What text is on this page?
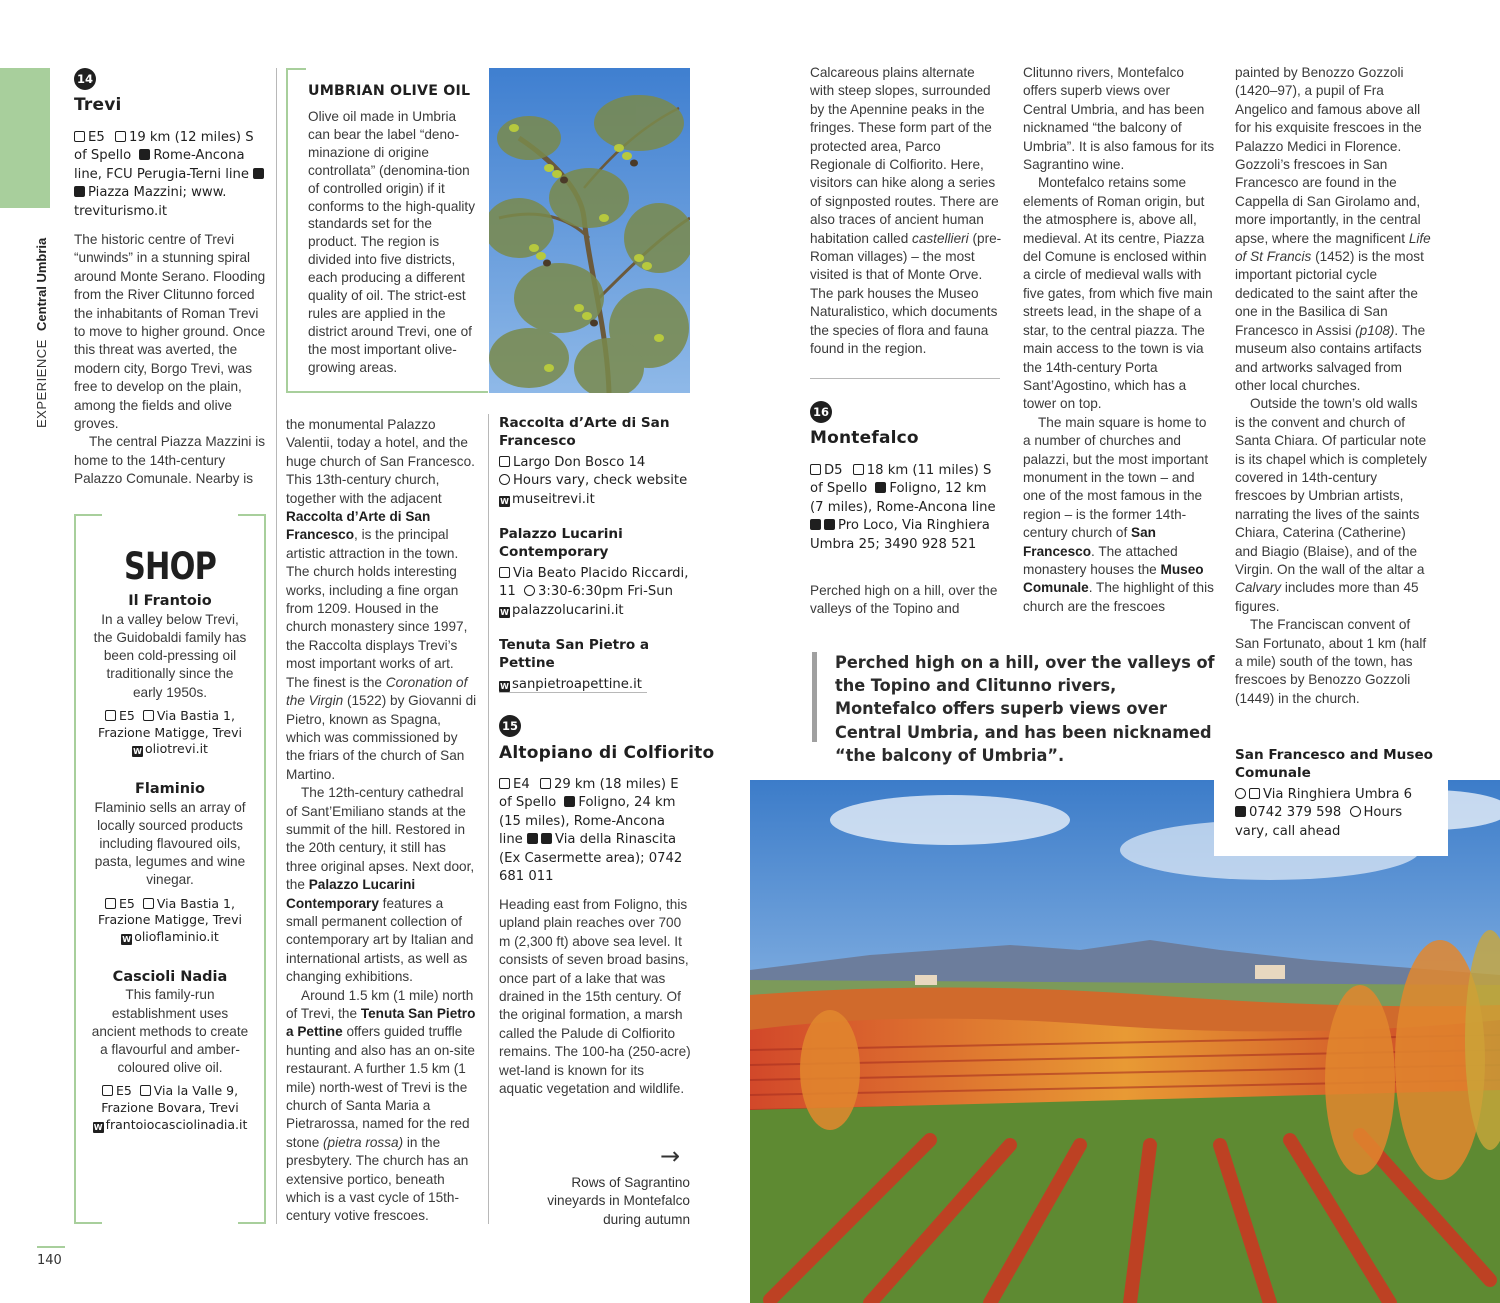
EXPERIENCE  Central Umbria
14
Trevi
E5 19 km (12 miles) S of Spello Rome-Ancona line, FCU Perugia-Terni line Piazza Mazzini; www. treviturismo.it

The historic centre of Trevi “unwinds” in a stunning spiral around Monte Serano. Flooding from the River Clitunno forced the inhabitants of Roman Trevi to move to higher ground. Once this threat was averted, the modern city, Borgo Trevi, was free to develop on the plain, among the fields and olive groves.

The central Piazza Mazzini is home to the 14th-century Palazzo Comunale. Nearby is

SHOP
Il Frantoio
In a valley below Trevi, the Guidobaldi family has been cold-pressing oil traditionally since the early 1950s.
E5 Via Bastia 1, Frazione Matigge, Trevi
W oliotrevi.it
Flaminio
Flaminio sells an array of locally sourced products including flavoured oils, pasta, legumes and wine vinegar.
E5 Via Bastia 1, Frazione Matigge, Trevi
W olioflaminio.it
Cascioli Nadia
This family-run establishment uses ancient methods to create a flavourful and amber-coloured olive oil.
E5 Via la Valle 9, Frazione Bovara, Trevi
W frantoiocasciolinadia.it
UMBRIAN OLIVE OIL
Olive oil made in Umbria can bear the label “deno-minazione di origine controllata” (denomina-tion of controlled origin) if it conforms to the high-quality standards set for the product. The region is divided into five districts, each producing a different quality of oil. The strict-est rules are applied in the district around Trevi, one of the most important olive-growing areas.

the monumental Palazzo Valentii, today a hotel, and the huge church of San Francesco. This 13th-century church, together with the adjacent Raccolta d’Arte di San Francesco, is the principal artistic attraction in the town. The church holds interesting works, including a fine organ from 1209. Housed in the church monastery since 1997, the Raccolta displays Trevi’s most important works of art. The finest is the Coronation of the Virgin (1522) by Giovanni di Pietro, known as Spagna, which was commissioned by the friars of the church of San Martino.

The 12th-century cathedral of Sant’Emiliano stands at the summit of the hill. Restored in the 20th century, it still has three original apses. Next door, the Palazzo Lucarini Contemporary features a small permanent collection of contemporary art by Italian and international artists, as well as changing exhibitions.

Around 1.5 km (1 mile) north of Trevi, the Tenuta San Pietro a Pettine offers guided truffle hunting and also has an on-site restaurant. A further 1.5 km (1 mile) north-west of Trevi is the church of Santa Maria a Pietrarossa, named for the red stone (pietra rossa) in the presbytery. The church has an extensive portico, beneath which is a vast cycle of 15th-century votive frescoes.

Raccolta d’Arte di San Francesco
Largo Don Bosco 14
Hours vary, check website
W museitrevi.it
Palazzo Lucarini Contemporary
Via Beato Placido Riccardi, 11 3:30-6:30pm Fri-Sun
W palazzolucarini.it
Tenuta San Pietro a Pettine
W sanpietroapettine.it
15
Altopiano di Colfiorito
E4 29 km (18 miles) E of Spello Foligno, 24 km (15 miles), Rome-Ancona line Via della Rinascita (Ex Casermette area); 0742 681 011

Heading east from Foligno, this upland plain reaches over 700 m (2,300 ft) above sea level. It consists of seven broad basins, once part of a lake that was drained in the 15th century. Of the original formation, a marsh called the Palude di Colfiorito remains. The 100-ha (250-acre) wet-land is known for its aquatic vegetation and wildlife.

→
Rows of Sagrantino vineyards in Montefalco during autumn
140

Calcareous plains alternate with steep slopes, surrounded by the Apennine peaks in the fringes. These form part of the protected area, Parco Regionale di Colfiorito. Here, visitors can hike along a series of signposted routes. There are also traces of ancient human habitation called castellieri (pre-Roman villages) – the most visited is that of Monte Orve. The park houses the Museo Naturalistico, which documents the species of flora and fauna found in the region.

16
Montefalco
D5 18 km (11 miles) S of Spello Foligno, 12 km (7 miles), Rome-Ancona line Pro Loco, Via Ringhiera Umbra 25; 3490 928 521

Perched high on a hill, over the valleys of the Topino and

Clitunno rivers, Montefalco offers superb views over Central Umbria, and has been nicknamed “the balcony of Umbria”. It is also famous for its Sagrantino wine.

Montefalco retains some elements of Roman origin, but the atmosphere is, above all, medieval. At its centre, Piazza del Comune is enclosed within a circle of medieval walls with five gates, from which five main streets lead, in the shape of a star, to the central piazza. The main access to the town is via the 14th-century Porta Sant’Agostino, which has a tower on top.

The main square is home to a number of churches and palazzi, but the most important monument in the town – and one of the most famous in the region – is the former 14th-century church of San Francesco. The attached monastery houses the Museo Comunale. The highlight of this church are the frescoes

painted by Benozzo Gozzoli (1420–97), a pupil of Fra Angelico and famous above all for his exquisite frescoes in the Palazzo Medici in Florence. Gozzoli’s frescoes in San Francesco are found in the Cappella di San Girolamo and, more importantly, in the central apse, where the magnificent Life of St Francis (1452) is the most important pictorial cycle dedicated to the saint after the one in the Basilica di San Francesco in Assisi (p108). The museum also contains artifacts and artworks salvaged from other local churches.

Outside the town’s old walls is the convent and church of Santa Chiara. Of particular note is its chapel which is completely covered in 14th-century frescoes by Umbrian artists, narrating the lives of the saints Chiara, Caterina (Catherine) and Biagio (Blaise), and of the Virgin. On the wall of the altar a Calvary includes more than 45 figures.

The Franciscan convent of San Fortunato, about 1 km (half a mile) south of the town, has frescoes by Benozzo Gozzoli (1449) in the church.

Perched high on a hill, over the valleys of the Topino and Clitunno rivers, Montefalco offers superb views over Central Umbria, and has been nicknamed “the balcony of Umbria”.	San Francesco and Museo Comunale
Via Ringhiera Umbra 6
0742 379 598 Hours vary, call ahead
